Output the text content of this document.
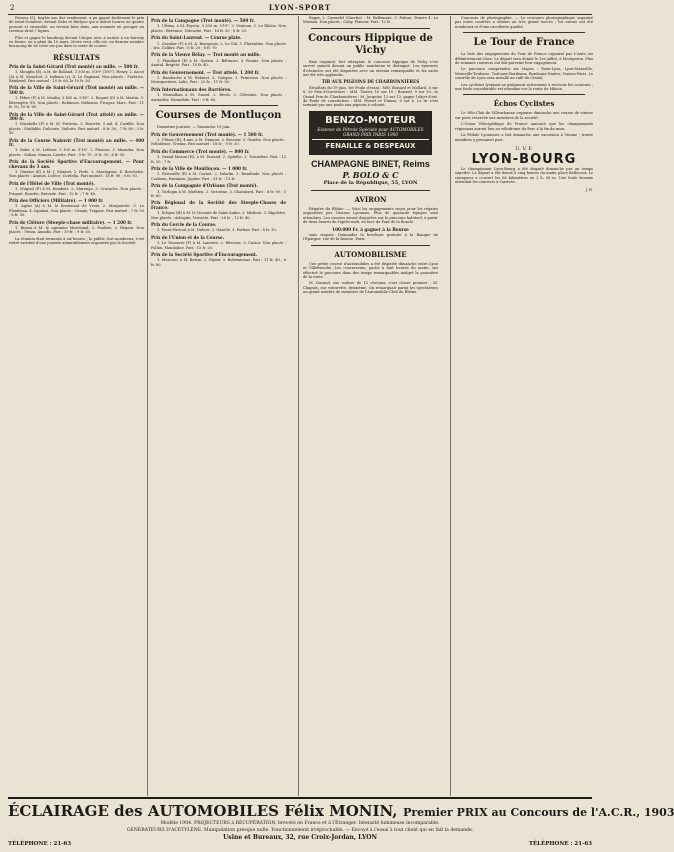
2	LYON-SPORT

Poissus (S), boghis son dur rendement, a pu gagné facilement le prix de Saint-Guinbert, devant Robs et Burlyne qui a donné bourse au quatre poisons et ensemble, un terrain bien dans, aux nommés en grouper en revenus droit 7 lignes.

Flirt et gagne le handicap devant Unique avec à nature à un fairway en forme, on a gêné du 10 mars. Notre vent, elle est, en dernier nombre beaucoup de de cette sur pas dure la sente de course.

RÉSULTATS
Prix de la Saint-Gérard (Trot monté) au mille. — 500 fr.

1. Mouglin (E), à M. de Rolland, 3 500 m. 5'39" (100"). Henry. 2. Ascot (A) à M. Mouchot. 3. Indiana (s), 4. Le Gagnant. Non placés : Frabrice, Rembard. Pari mutuel : 10 fr. 60, le 10 fr. 50.

Prix de la Ville de Saint-Gérard (Trot monté) au mille. — 500 fr.

1. Fèbre (F) à M. Moulin. 3 450 m. 5'49". 2. Roquet (D) à M. Martin. 3. Bérengère (D). Non placés : Robinson, Mélusine, Prosper, Marc. Pari : 11 fr. 10, 10 fr. 80.

Prix de la Ville de Saint-Gérard (Trot attelé) au mille. — 300 fr.

1. Mirabelle (F) à M. M. Portevin. 3. Bourrée. 3 mil. 4. Castille. Non placés : Mathilde, Dulcinée, Violette. Pari mutuel : 8 fr. 50 ; 7 fr. 80 ; 5 fr. 50.

Prix de la Course Nakuvir (Trot monté) au mille. — 400 fr.

1. Robe, à M. Lefèvre. 3 100 m. 5'18". 2. Fleuron. 3. Mazurka. Non placés : Sultan, Manon, Lisette. Pari : 9 fr. 70 ; 8 fr. 30 ; 6 fr. 50.

Prix de la Société Sportive d'Encouragement. — Pour chevaux de 3 ans.

1. Guintor (E) à M. J. Monnet. 2. Perle. 3. Montagnac. 4. Boschette. Non placés : Aramis, Lutèce, Cordelia. Pari mutuel : 18 fr. 90 ; 9 fr. 50.

Prix de l'Hôtel de Ville (Trot monté).

1. Mugnol (F) à M. Rembert. 2. Marengo. 3. Cravache. Non placés : Friquet, Rosette, Bravade. Pari : 12 fr. ; 7 fr. 40.

Prix des Officiers (Militaire). — 1 000 fr.

1. Agent (A) à M. le lieutenant de Vreix. 2. Marguerite. 3. Le Flambeau. 4. Ispahan. Non placés : Oriane, Tzigane. Pari mutuel : 7 fr. 50 ; 6 fr. 50.

Prix de Clôture (Steeple-chase militaire). — 1 200 fr.

1. Biniou à M. le capitaine Marchand. 2. Fanfare. 3. Régent. Non placés : Triton, Amadis. Pari : 19 fr. ; 9 fr. 50.

La réunion était terminée à six heures ; le public, fort nombreux, s'est retiré satisfait d'une journée admirablement organisée par la Société.

Prix de la Campagne (Trot monté). — 500 fr.

1. Ultima, à M. Peyron. 3 200 m. 5'19". 2. Ventoux. 3. Le Rhône. Non placés : Bérénice, Nitouche. Pari : 14 fr. 30 ; 8 fr. 20.

Prix du Saint-Laurent. — Course plate.

1. Cavalier (F) à M. A. Bourgeois. 2. Le Cid. 3. Florentine. Non placés : Iris, Colibri. Pari : 8 fr. 20 ; 6 fr. 70.

Prix de la Vieuve Bélay. — Trot monté au mille.

1. Flambard (E) à M. Guérin. 2. Bélisaire. 3. Rosine. Non placés : Amiral, Brigitte. Pari : 10 fr. 40.

Prix du Gouvernement. — Trot attelé. 1 200 fr.

1. Bamboche à M. Rebatel. 2. Galopin. 3. Princesse. Non placés : Mousquetaire, Lalie. Pari : 22 fr. ; 11 fr. 30.

Prix Internationaux des Barrières.

1. Montalban à M. Girard. 2. Rivoli. 3. Célestine. Non placés : Austerlitz, Farandole. Pari : 9 fr. 60.

Courses de Montluçon

Deuxième journée. — Dimanche 19 juin.

Prix de Gouvernement (Trot monté). — 1 500 fr.

1. Ultime (H), 4 ans, à M. Dumont. 2. Bravour. 3. Ginette. Non placés : Nébuleuse, Tristan. Pari mutuel : 18 fr. ; 9 fr. 30.

Prix du Commerce (Trot monté). — 800 fr.

1. Grand Meaux (H), à M. Durand. 2. Ophélie. 3. Trocadéro. Pari : 12 fr. 50 ; 7 fr.

Prix de la Ville de Montluçon. — 1 000 fr.

1. Patrouille (E) à M. Cornet. 2. Saladin. 3. Rosalinde. Non placés : Corbeau, Fantaisie, Jupiter. Pari : 31 fr. ; 13 fr.

Prix de la Compagnie d'Orléans (Trot monté).

1. Turlupin à M. Mathieu. 2. Victorine. 3. Chambord. Pari : 6 fr. 90 ; 5 fr. 60.

Prix Régional de la Société des Steeple-Chases de France.

1. Eclipse (H) à M. le Vicomte de Saint-Aubin. 2. Mirliton. 3. Rigolette. Non placés : Arlequin, Noisette. Pari : 28 fr. ; 12 fr. 40.

Prix du Cercle de la Course.

1. Passe-Partout à M. Dubois. 2. Gazelle. 3. Forban. Pari : 8 fr. 10.

Prix de l'Union et de la Course.

1. Le Tonnerre (F) à M. Lamotte. 2. Rêveuse. 3. Castor. Non placés : Pollux, Mandoline. Pari : 15 fr. 20.

Prix de la Société Sportive d'Encouragement.

1. Mercure, à M. Bertin. 2. Zéphir. 3. Bohémienne. Pari : 11 fr. 40 ; 6 fr. 80.

Roger, 2. Carondel (Ginette) ; M. Bellemare, 3. Falcon, Pauvre 4. Le Miriaux. Non placés : Gaby, Flaneur, Pari : 12 fr.

Concours Hippique de Vichy

Bien organisé, fort attrayant, le concours hippique de Vichy s'est ouvert samedi devant un public nombreux et distingué. Les épreuves d'obstacles ont été disputées avec un entrain remarquable et les sauts ont été très applaudis.

TIR AUX PIGEONS DE CHARBONNIÈRES

Résultats du 19 juin. 1er Poule d'essai : MM. Boisard et Mollard, 8 sur 8. 2e Prix d'Ouverture : MM. Tissier, 10 sur 10 ; Boisard, 9 sur 10. 3e Grand Prix de Charbonnières : M. Jacquier, 12 sur 12, gagne l'objet d'art. 4e Poule de consolation : MM. Pernet et Dumas, 6 sur 6. Le tir s'est terminé par une poule aux pigeons à volonté.

BENZO-MOTEUR
Essence de Pétrole Spéciale pour AUTOMOBILES
GRAND PRIX PARIS 1900
FENAILLE & DESPEAUX
CHAMPAGNE BINET, Reims
P. BOLO & C
Place de la République, 55, LYON
AVIRON

Régates du Rhône. — Voici les engagements reçus pour les régates organisées par l'Aviron Lyonnais. Plus de quarante équipes sont attendues. Les courses seront disputées sur le parcours habituel, à partir de deux heures de l'après-midi, en face du Pont de la Boucle.

100.000 Fr. à gagner à la Bourse

sans risques. Demandez la brochure gratuite à la Banque de l'Épargne, rue de la Bourse, Paris.

AUTOMOBILISME

Une petite course d'automobiles a été disputée dimanche entre Lyon et Villefranche. Les concurrents, partis à huit heures du matin, ont effectué le parcours dans des temps remarquables malgré la poussière de la route.

M. Durand, sur voiture de 12 chevaux, s'est classé premier ; M. Chapuis, sur voiturette, deuxième. On remarquait parmi les spectateurs un grand nombre de membres de l'Automobile-Club du Rhône.

Concours de photographie. — Le concours photographique organisé par notre confrère a obtenu un très grand succès ; les envois ont été nombreux et d'une excellente qualité.

Le Tour de France

La liste des engagements du Tour de France organisé par L'Auto est définitivement close. Le départ sera donné le 1er juillet, à Montgeron. Plus de soixante coureurs ont fait parvenir leur engagement.

Le parcours comprendra six étapes : Paris-Lyon, Lyon-Marseille, Marseille-Toulouse, Toulouse-Bordeaux, Bordeaux-Nantes, Nantes-Paris. Le contrôle de Lyon sera installé au café du Cristal.

Les cyclistes lyonnais se préparent activement à recevoir les coureurs ; une foule considérable est attendue sur la route de Mâcon.

Échos Cyclistes

Le Vélo-Club de Villeurbanne organise dimanche une course de vitesse sur piste réservée aux membres de la société.

L'Union Vélocipédique de France annonce que les championnats régionaux auront lieu au vélodrome du Parc à la fin du mois.

La Pédale Lyonnaise a fait dimanche une excursion à Vienne ; trente membres y prenaient part.

U. V. F.
LYON-BOURG

Le championnat Lyon-Bourg a été disputé dimanche par un temps superbe. Le départ a été donné à cinq heures du matin place Bellecour. Le vainqueur a couvert les 66 kilomètres en 2 h. 08 m. Une foule énorme attendait les coureurs à l'arrivée.

J. R.
ÉCLAIRAGE des AUTOMOBILES Félix MONIN, Premier PRIX au Concours de l'A.C.R., 1903
Modèle 1904. PROJECTEURS à RÉCUPÉRATION, breveté en France et à l'Étranger. Intensité lumineuse incomparable.
GÉNÉRATEURS D'ACÉTYLÈNE. Manipulation presque nulle. Fonctionnement irréprochable. — Envoyé à l'essai à tout client qui en fait la demande.
Usine et Bureaux, 32, rue Croix-Jordan, LYON
TÉLÉPHONE : 21-63	TÉLÉPHONE : 21-63
